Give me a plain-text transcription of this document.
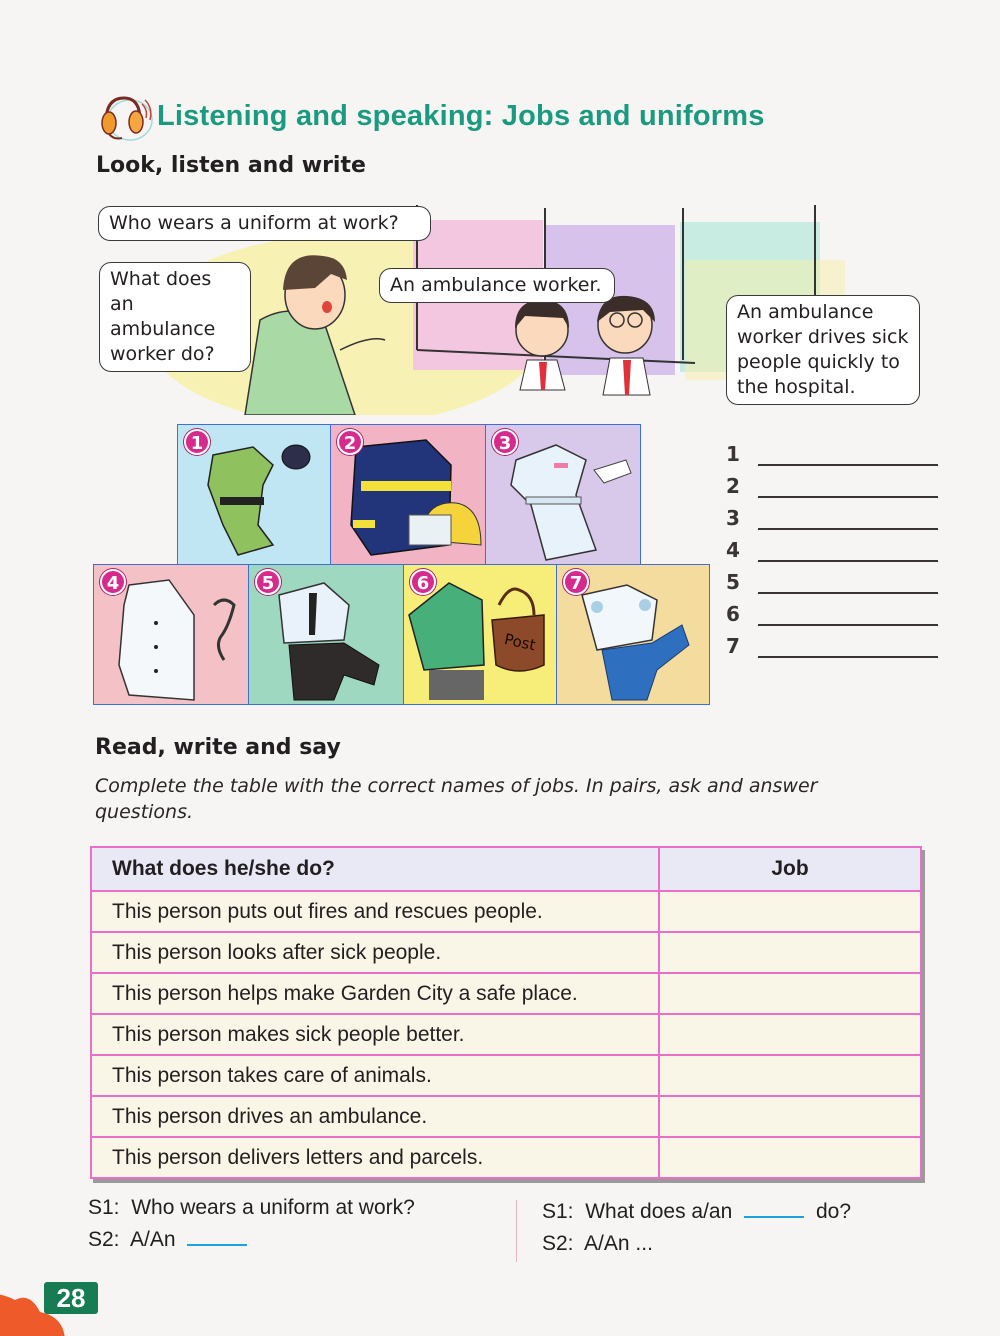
Listening and speaking: Jobs and uniforms
Look, listen and write
Who wears a uniform at work?
What does an
ambulance
worker do?
An ambulance worker.
An ambulance
worker drives sick
people quickly to
the hospital.
1	2	3
4	5
Post
6	7
1
2
3
4
5
6
7
Read, write and say
Complete the table with the correct names of jobs. In pairs, ask and answer questions.
What does he/she do?	Job
This person puts out fires and rescues people.	
This person looks after sick people.	
This person helps make Garden City a safe place.	
This person makes sick people better.	
This person takes care of animals.	
This person drives an ambulance.	
This person delivers letters and parcels.	
S1: Who wears a uniform at work?
S2: A/An
S1: What does a/an	do?
S2: A/An ...
28
